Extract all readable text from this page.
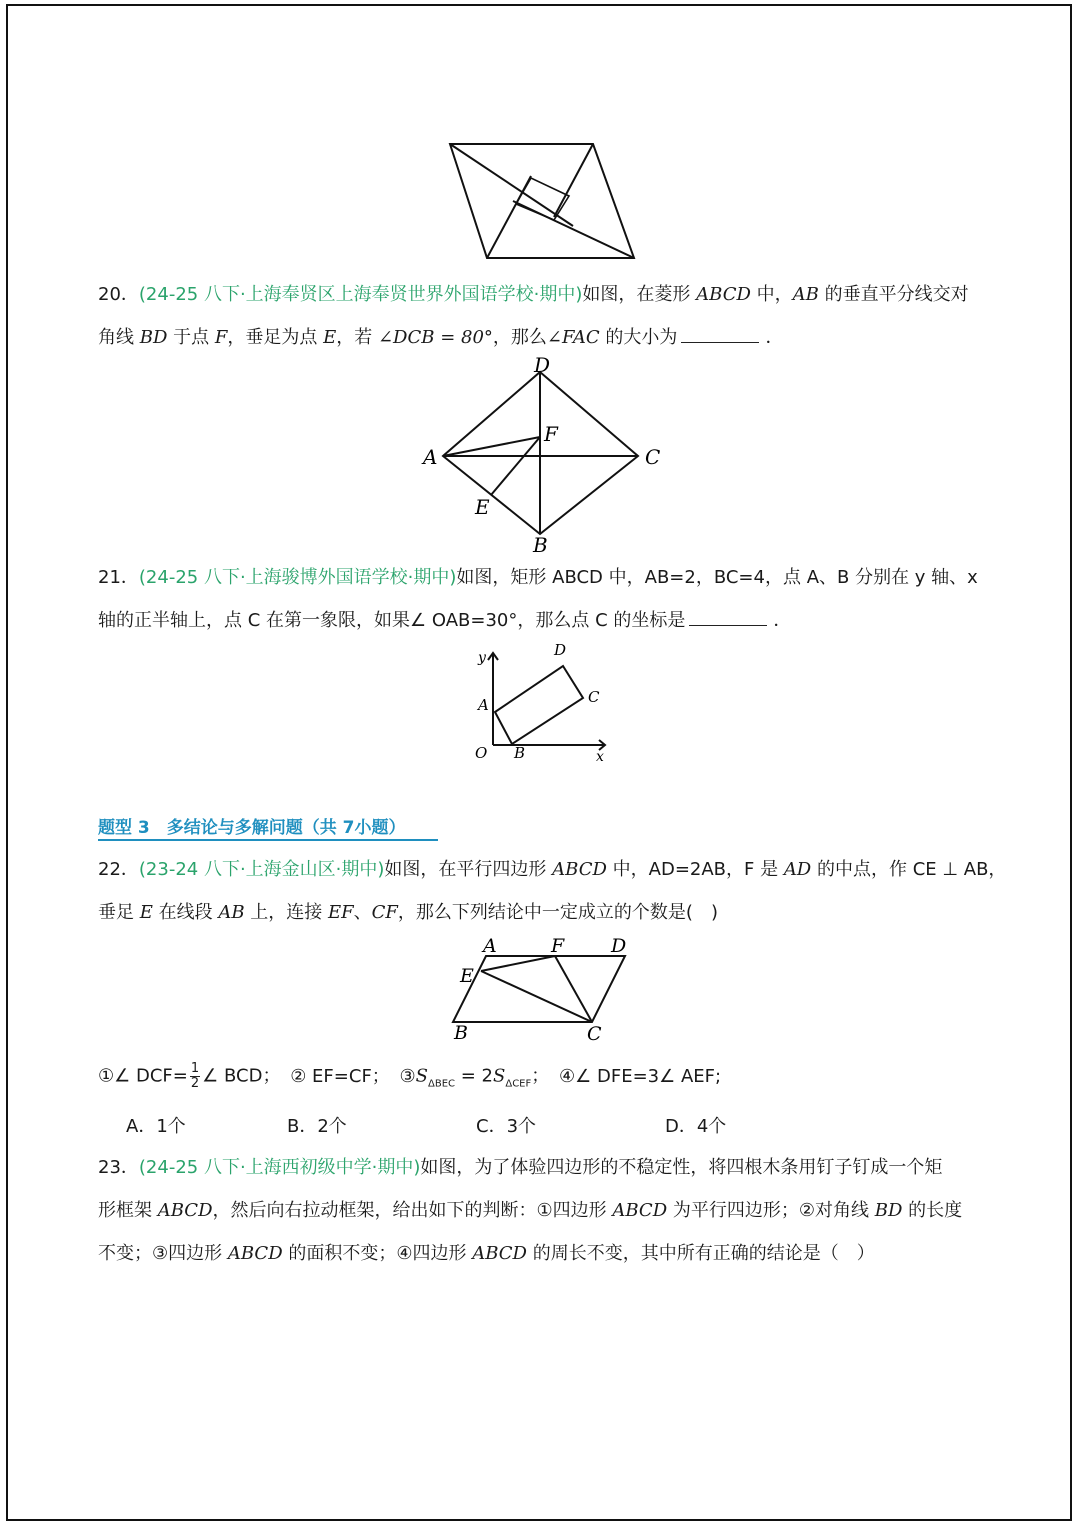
20．(24-25 八下·上海奉贤区上海奉贤世界外国语学校·期中)如图，在菱形 ABCD 中，AB 的垂直平分线交对
角线 BD 于点 F，垂足为点 E，若 ∠DCB = 80°，那么∠FAC 的大小为	．
D
C
A
B
F
E
21．(24-25 八下·上海骏博外国语学校·期中)如图，矩形 ABCD 中，AB=2，BC=4，点 A、B 分别在 y 轴、x
轴的正半轴上，点 C 在第一象限，如果∠ OAB=30°，那么点 C 的坐标是	．
y
x
O
A
B
C
D
题型 3　多结论与多解问题（共 7小题）
22．(23-24 八下·上海金山区·期中)如图，在平行四边形 ABCD 中，AD=2AB，F 是 AD 的中点，作 CE ⊥ AB，
垂足 E 在线段 AB 上，连接 EF、CF，那么下列结论中一定成立的个数是(　)
A	F D
E
B	C
①∠ $DCF= \frac{1}{2}$ ∠ BCD； ② EF=CF； $③S_{\Delta BEC} = 2S_{\Delta CEF}$； ④∠ DFE=3∠ AEF;
A．1个	B．2个	C．3个	D．4个
23．(24-25 八下·上海西初级中学·期中)如图，为了体验四边形的不稳定性，将四根木条用钉子钉成一个矩
形框架 ABCD，然后向右拉动框架，给出如下的判断：①四边形 ABCD 为平行四边形；②对角线 BD 的长度
不变；③四边形 ABCD 的面积不变；④四边形 ABCD 的周长不变，其中所有正确的结论是（　）
